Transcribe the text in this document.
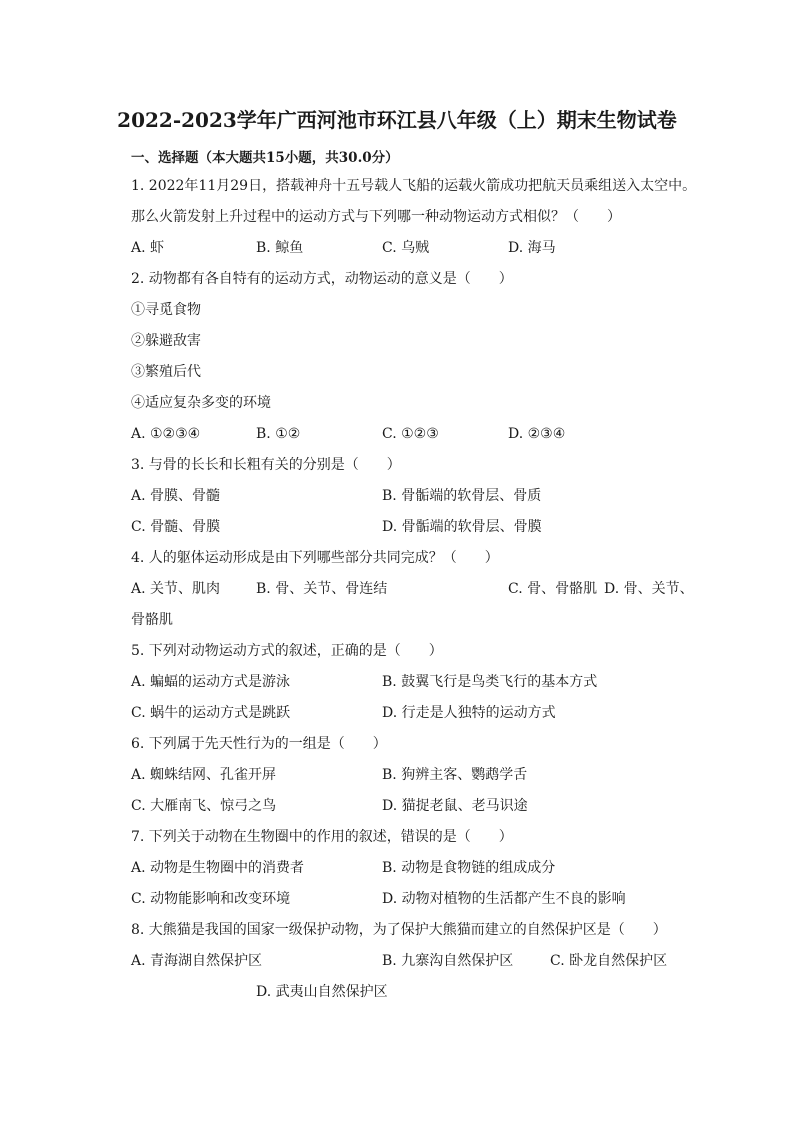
2022-2023学年广西河池市环江县八年级（上）期末生物试卷
一、选择题（本大题共15小题，共30.0分）
1. 2022年11月29日，搭载神舟十五号载人飞船的运载火箭成功把航天员乘组送入太空中。
那么火箭发射上升过程中的运动方式与下列哪一种动物运动方式相似？（　　）
A. 虾	B. 鲸鱼	C. 乌贼	D. 海马
2. 动物都有各自特有的运动方式，动物运动的意义是（　　）
①寻觅食物
②躲避敌害
③繁殖后代
④适应复杂多变的环境
A. ①②③④	B. ①②	C. ①②③	D. ②③④
3. 与骨的长长和长粗有关的分别是（　　）
A. 骨膜、骨髓	B. 骨骺端的软骨层、骨质
C. 骨髓、骨膜	D. 骨骺端的软骨层、骨膜
4. 人的躯体运动形成是由下列哪些部分共同完成？（　　）
A. 关节、肌肉	B. 骨、关节、骨连结	C. 骨、骨骼肌 D. 骨、关节、
骨骼肌
5. 下列对动物运动方式的叙述，正确的是（　　）
A. 蝙蝠的运动方式是游泳	B. 鼓翼飞行是鸟类飞行的基本方式
C. 蜗牛的运动方式是跳跃	D. 行走是人独特的运动方式
6. 下列属于先天性行为的一组是（　　）
A. 蜘蛛结网、孔雀开屏	B. 狗辨主客、鹦鹉学舌
C. 大雁南飞、惊弓之鸟	D. 猫捉老鼠、老马识途
7. 下列关于动物在生物圈中的作用的叙述，错误的是（　　）
A. 动物是生物圈中的消费者	B. 动物是食物链的组成成分
C. 动物能影响和改变环境	D. 动物对植物的生活都产生不良的影响
8. 大熊猫是我国的国家一级保护动物，为了保护大熊猫而建立的自然保护区是（　　）
A. 青海湖自然保护区	B. 九寨沟自然保护区	C. 卧龙自然保护区
D. 武夷山自然保护区
